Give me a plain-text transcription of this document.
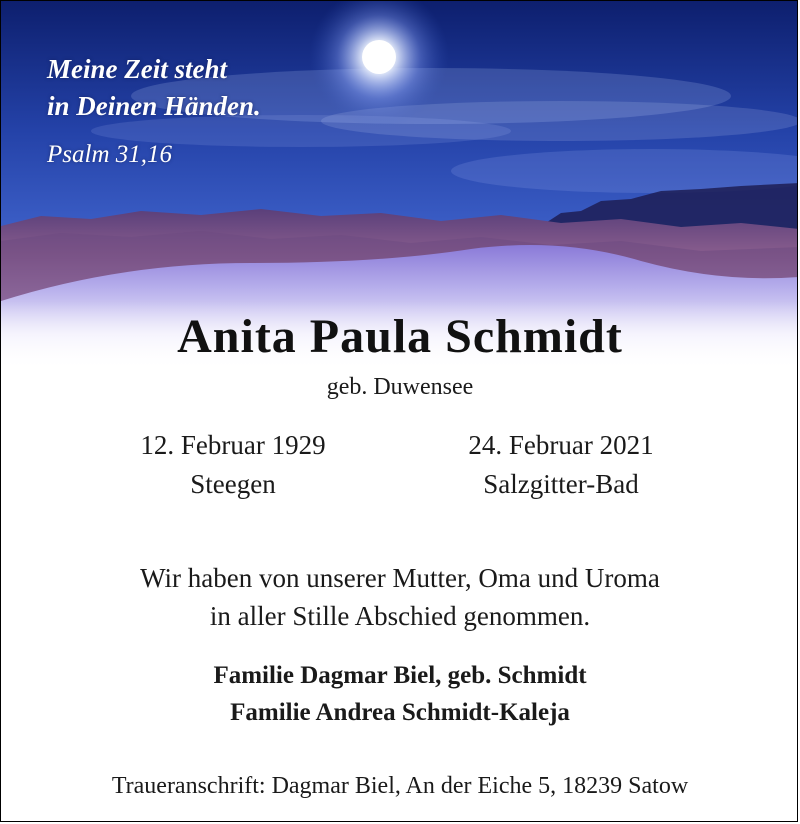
Meine Zeit steht
in Deinen Händen.
Psalm 31,16
Anita Paula Schmidt
geb. Duwensee
12. Februar 1929
Steegen
24. Februar 2021
Salzgitter-Bad
Wir haben von unserer Mutter, Oma und Uroma
in aller Stille Abschied genommen.
Familie Dagmar Biel, geb. Schmidt
Familie Andrea Schmidt-Kaleja
Traueranschrift: Dagmar Biel, An der Eiche 5, 18239 Satow
